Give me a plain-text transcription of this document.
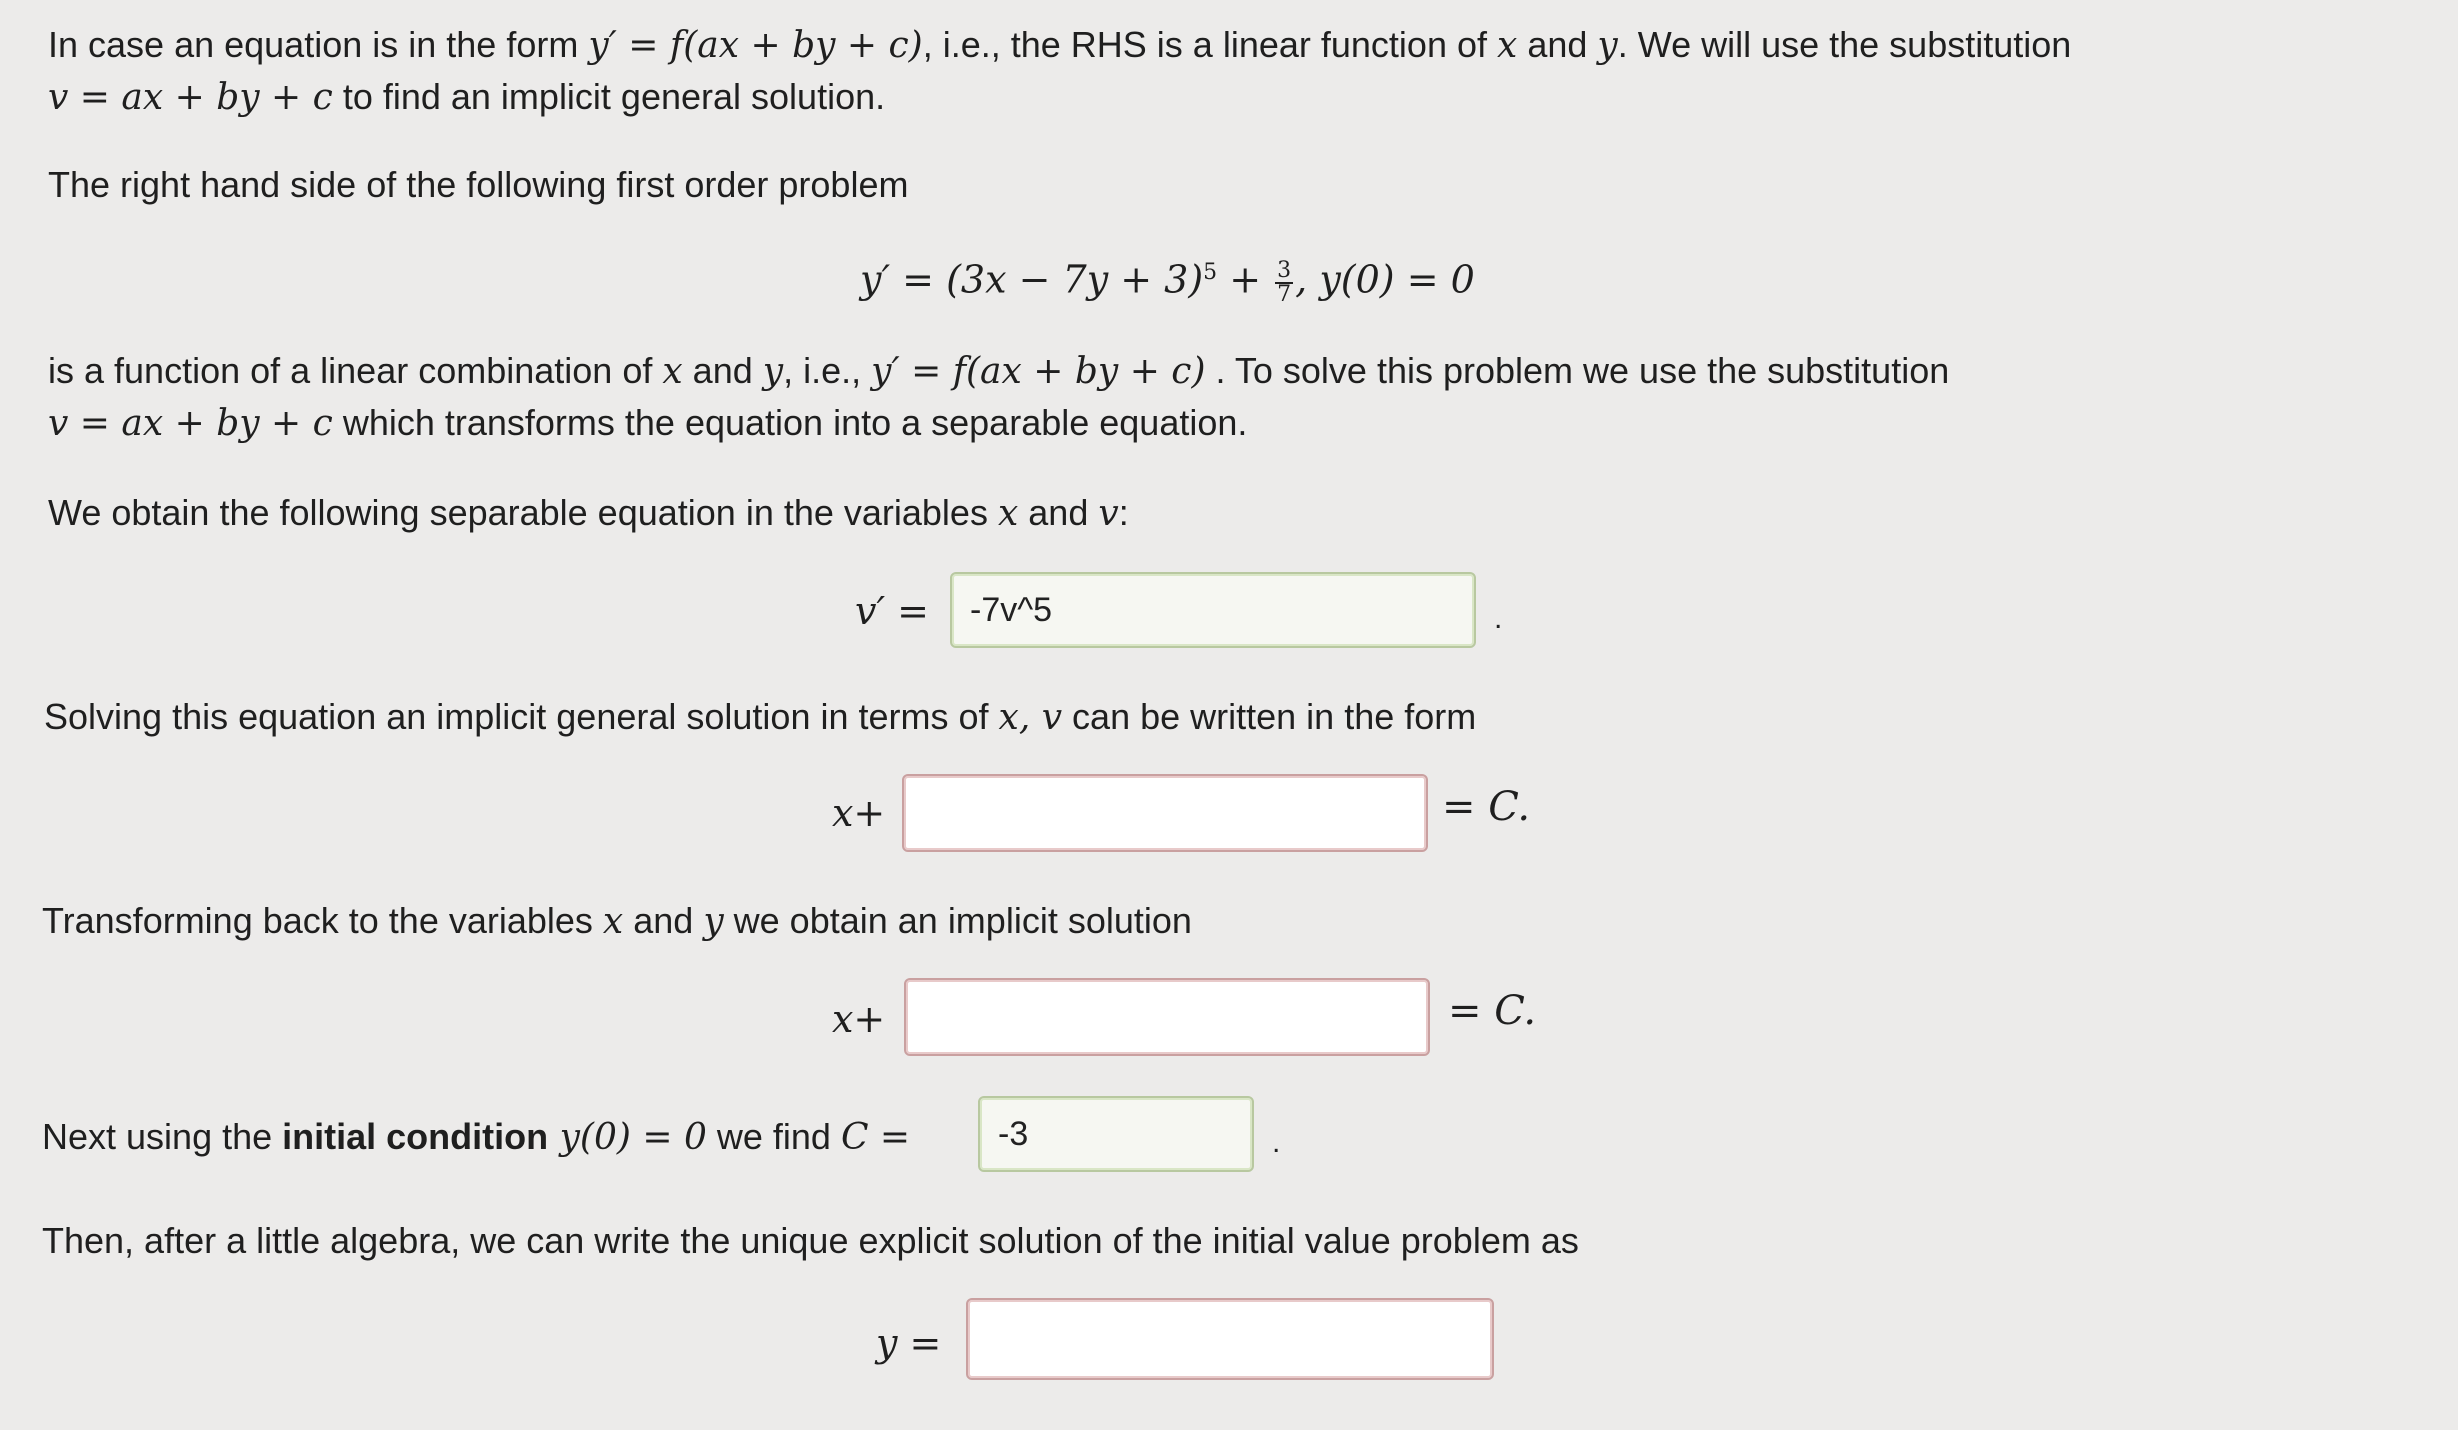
In case an equation is in the form y′ = f(ax + by + c), i.e., the RHS is a linear function of x and y. We will use the substitution
v = ax + by + c to find an implicit general solution.
The right hand side of the following first order problem
$y' = (3x - 7y + 3)^5 + \frac{3}{7}$ , y(0) = 0
is a function of a linear combination of x and y, i.e., y′ = f(ax + by + c) . To solve this problem we use the substitution
v = ax + by + c which transforms the equation into a separable equation.
We obtain the following separable equation in the variables x and v:
v′ =
-7v^5	.
Solving this equation an implicit general solution in terms of x, v can be written in the form
x+	= C.
Transforming back to the variables x and y we obtain an implicit solution
x+	= C.
Next using the initial condition y(0) = 0 we find C =
-3	.
Then, after a little algebra, we can write the unique explicit solution of the initial value problem as
y =
